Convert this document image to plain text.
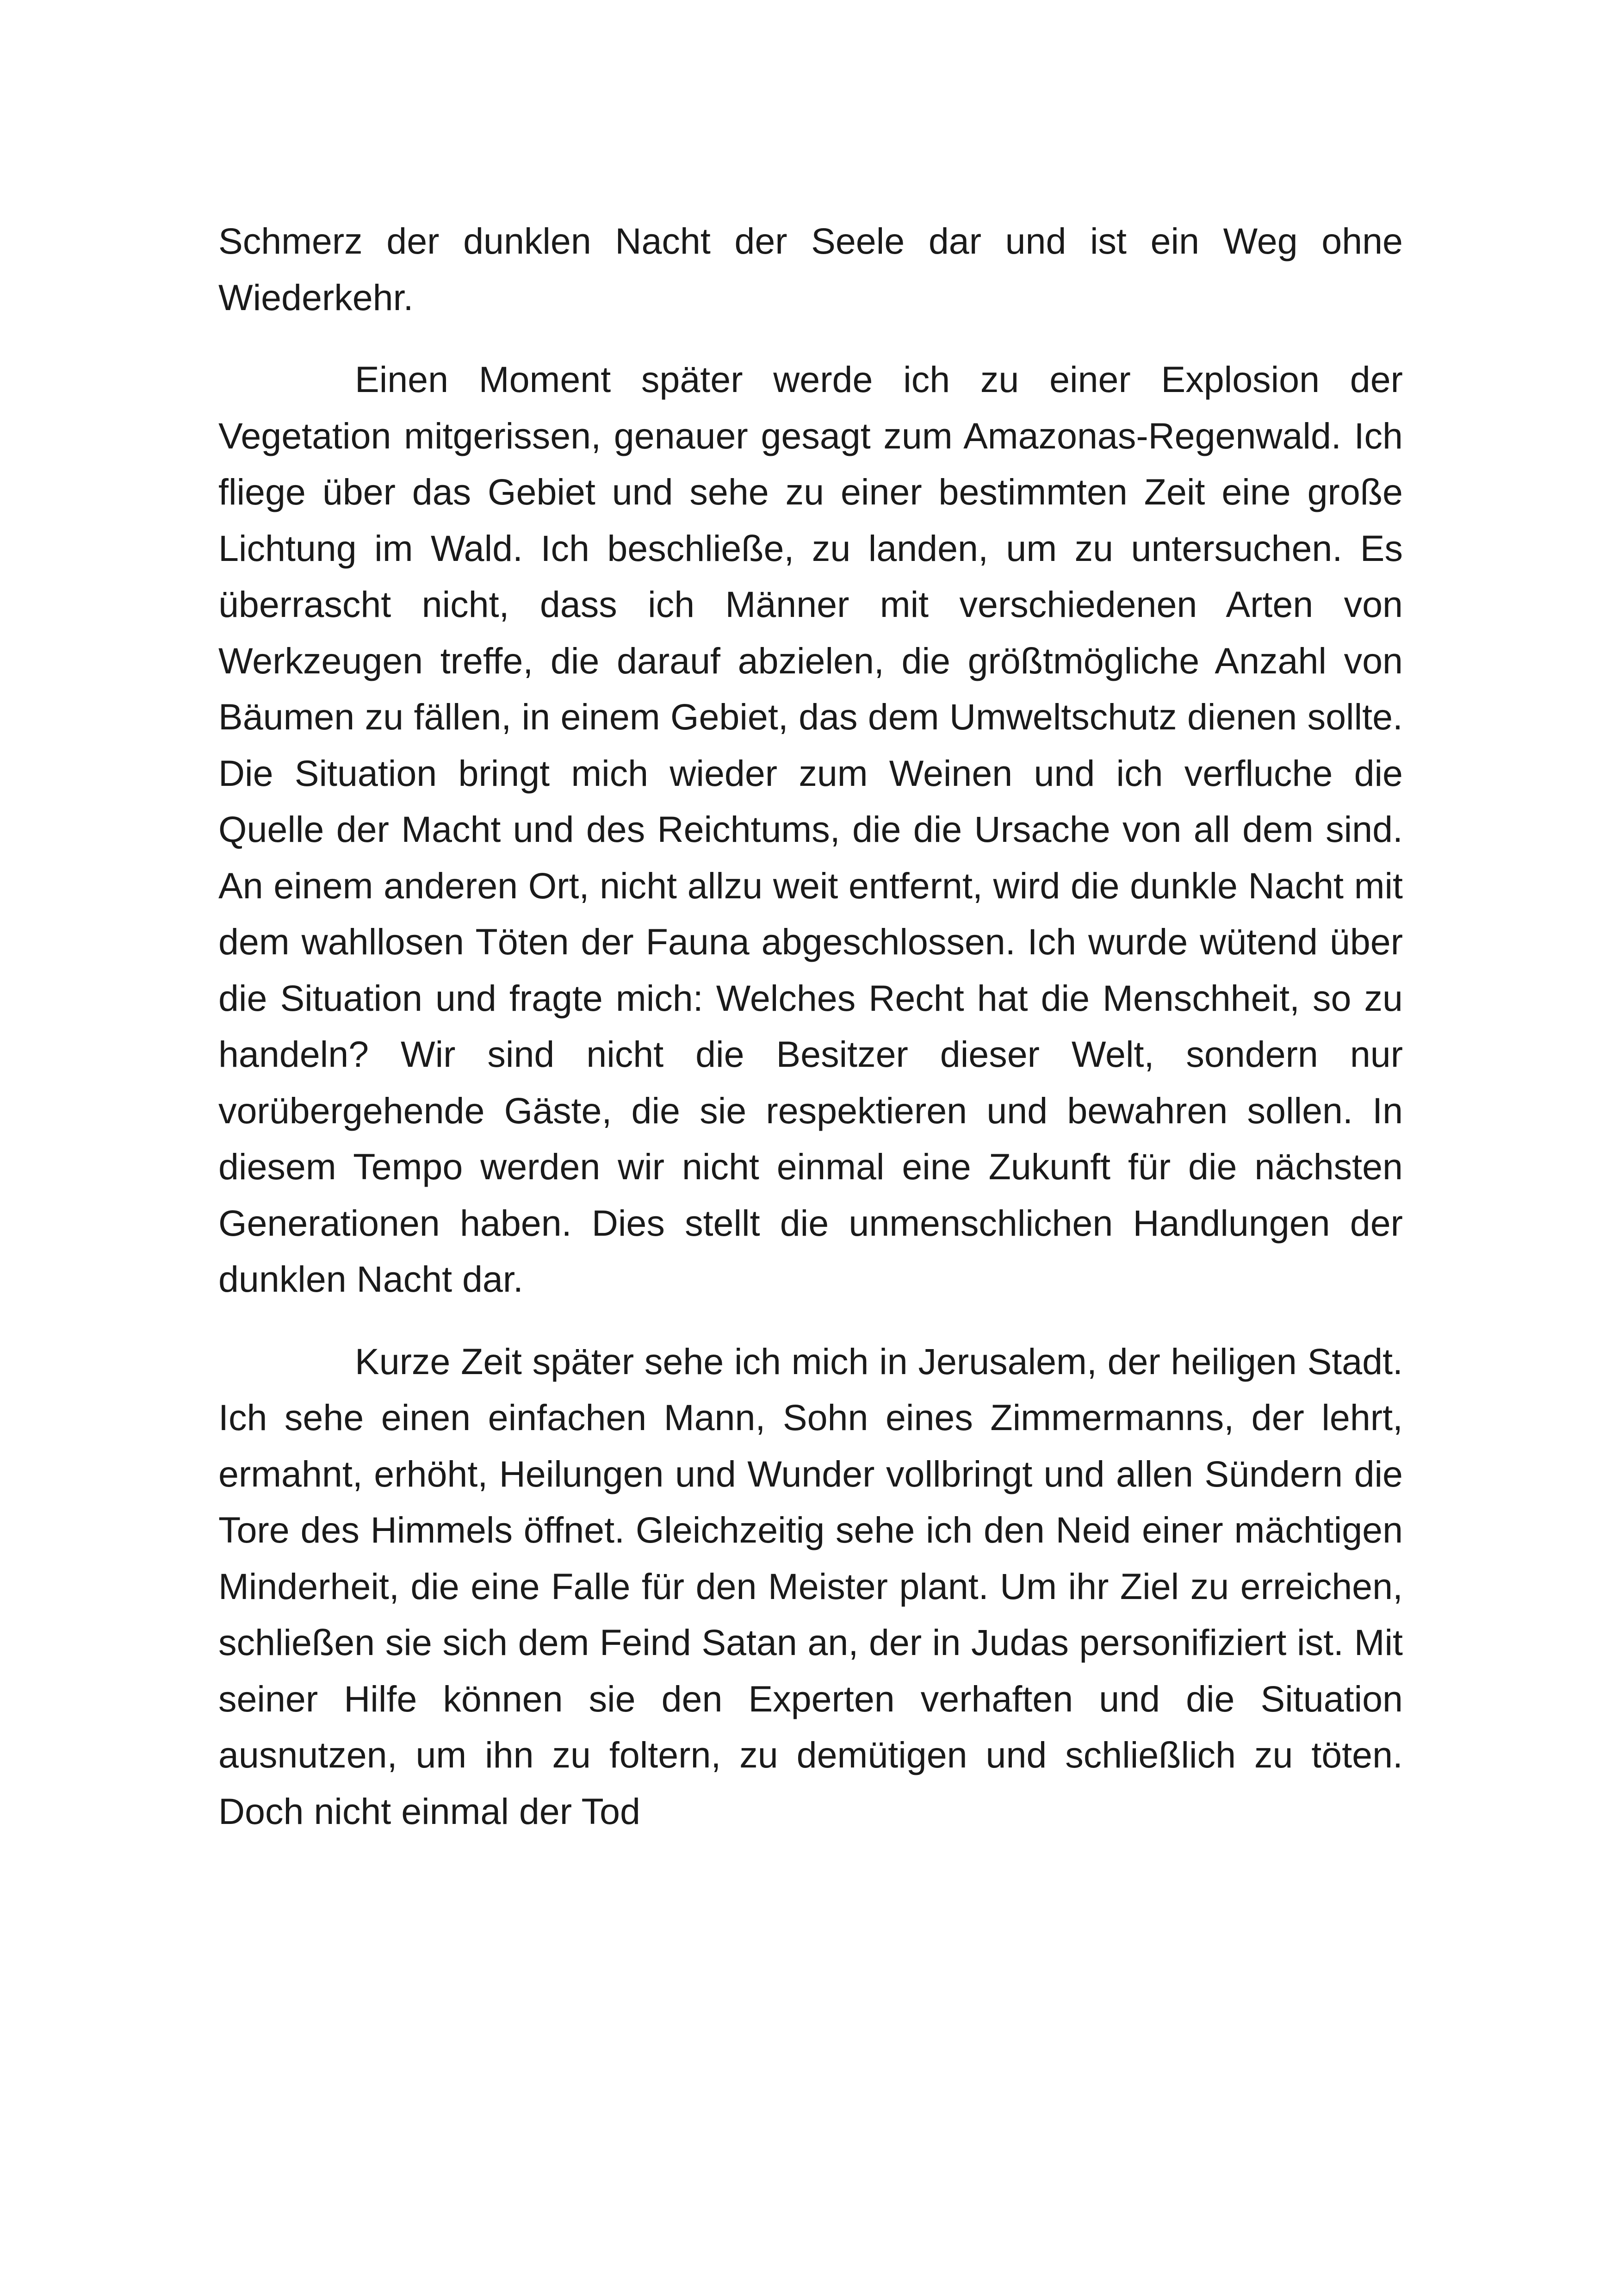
Schmerz der dunklen Nacht der Seele dar und ist ein Weg ohne Wiederkehr.

Einen Moment später werde ich zu einer Explosion der Vegetation mitgerissen, genauer gesagt zum Amazonas-Regenwald. Ich fliege über das Gebiet und sehe zu einer bestimmten Zeit eine große Lichtung im Wald. Ich beschließe, zu landen, um zu untersuchen. Es überrascht nicht, dass ich Männer mit verschiedenen Arten von Werkzeugen treffe, die darauf abzielen, die größtmögliche Anzahl von Bäumen zu fällen, in einem Gebiet, das dem Umweltschutz dienen sollte. Die Situation bringt mich wieder zum Weinen und ich verfluche die Quelle der Macht und des Reichtums, die die Ursache von all dem sind. An einem anderen Ort, nicht allzu weit entfernt, wird die dunkle Nacht mit dem wahllosen Töten der Fauna abgeschlossen. Ich wurde wütend über die Situation und fragte mich: Welches Recht hat die Menschheit, so zu handeln? Wir sind nicht die Besitzer dieser Welt, sondern nur vorübergehende Gäste, die sie respektieren und bewahren sollen. In diesem Tempo werden wir nicht einmal eine Zukunft für die nächsten Generationen haben. Dies stellt die unmenschlichen Handlungen der dunklen Nacht dar.

Kurze Zeit später sehe ich mich in Jerusalem, der heiligen Stadt. Ich sehe einen einfachen Mann, Sohn eines Zimmermanns, der lehrt, ermahnt, erhöht, Heilungen und Wunder vollbringt und allen Sündern die Tore des Himmels öffnet. Gleichzeitig sehe ich den Neid einer mächtigen Minderheit, die eine Falle für den Meister plant. Um ihr Ziel zu erreichen, schließen sie sich dem Feind Satan an, der in Judas personifiziert ist. Mit seiner Hilfe können sie den Experten verhaften und die Situation ausnutzen, um ihn zu foltern, zu demütigen und schließlich zu töten. Doch nicht einmal der Tod
